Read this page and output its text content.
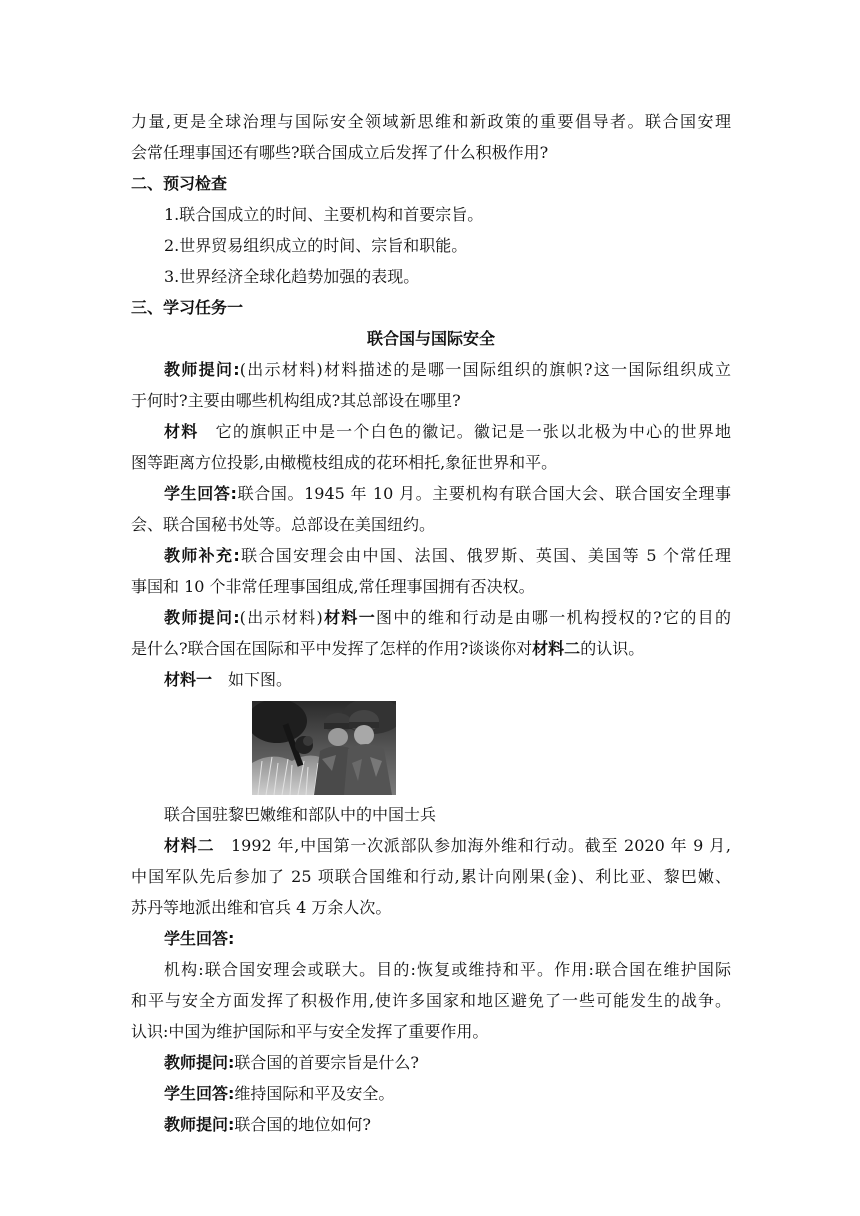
力量,更是全球治理与国际安全领域新思维和新政策的重要倡导者。联合国安理
会常任理事国还有哪些?联合国成立后发挥了什么积极作用?
二、预习检查
1.联合国成立的时间、主要机构和首要宗旨。
2.世界贸易组织成立的时间、宗旨和职能。
3.世界经济全球化趋势加强的表现。
三、学习任务一
联合国与国际安全
教师提问:(出示材料)材料描述的是哪一国际组织的旗帜?这一国际组织成立
于何时?主要由哪些机构组成?其总部设在哪里?
材料　它的旗帜正中是一个白色的徽记。徽记是一张以北极为中心的世界地
图等距离方位投影,由橄榄枝组成的花环相托,象征世界和平。
学生回答:联合国。1945 年 10 月。主要机构有联合国大会、联合国安全理事
会、联合国秘书处等。总部设在美国纽约。
教师补充:联合国安理会由中国、法国、俄罗斯、英国、美国等 5 个常任理
事国和 10 个非常任理事国组成,常任理事国拥有否决权。
教师提问:(出示材料)材料一图中的维和行动是由哪一机构授权的?它的目的
是什么?联合国在国际和平中发挥了怎样的作用?谈谈你对材料二的认识。
材料一　如下图。
联合国驻黎巴嫩维和部队中的中国士兵
材料二　1992 年,中国第一次派部队参加海外维和行动。截至 2020 年 9 月,
中国军队先后参加了 25 项联合国维和行动,累计向刚果(金)、利比亚、黎巴嫩、
苏丹等地派出维和官兵 4 万余人次。
学生回答:
机构:联合国安理会或联大。目的:恢复或维持和平。作用:联合国在维护国际
和平与安全方面发挥了积极作用,使许多国家和地区避免了一些可能发生的战争。
认识:中国为维护国际和平与安全发挥了重要作用。
教师提问:联合国的首要宗旨是什么?
学生回答:维持国际和平及安全。
教师提问:联合国的地位如何?
